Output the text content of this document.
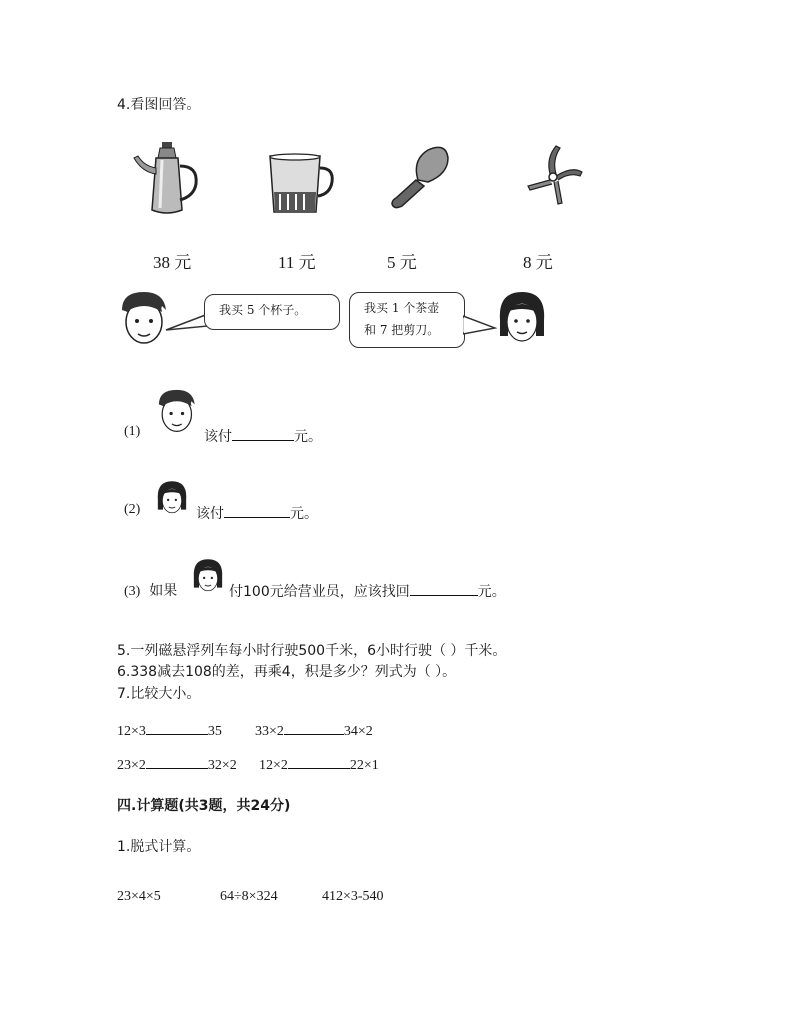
4.看图回答。
38 元	11 元	5 元	8 元
我买 5 个杯子。	我买 1 个茶壶
和 7 把剪刀。
(1)	该付	元。
(2)	该付	元。
(3) 如果	付100元给营业员，应该找回	元。
5.一列磁悬浮列车每小时行驶500千米，6小时行驶（ ）千米。
6.338减去108的差，再乘4，积是多少？列式为（ ）。
7.比较大小。
12×3	35 33×2	34×2
23×2	32×2 12×2	22×1
四.计算题(共3题，共24分)
1.脱式计算。
23×4×5	64÷8×324	412×3-540
